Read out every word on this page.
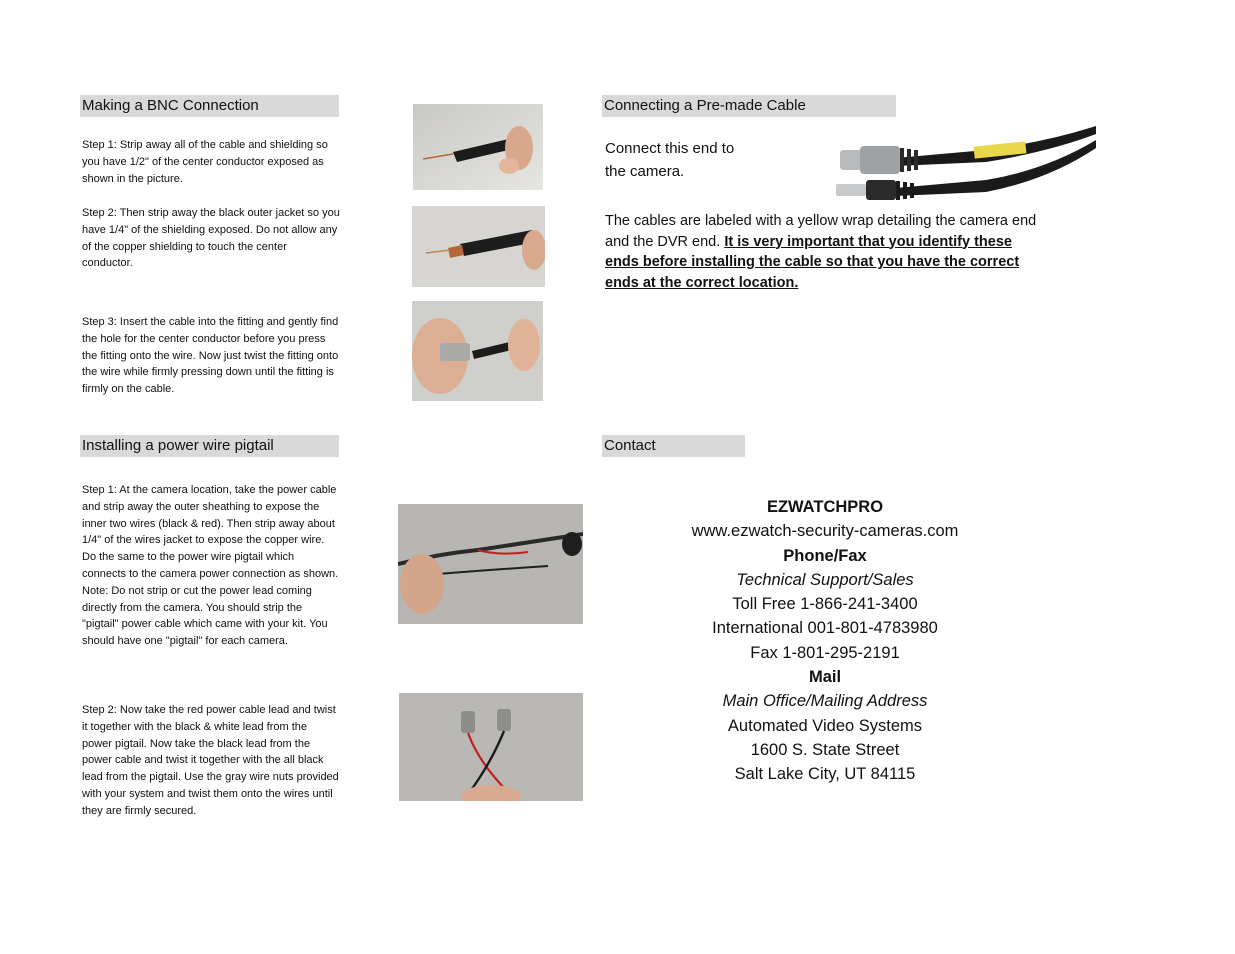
Making a BNC Connection
Step 1: Strip away all of the cable and shielding so you have 1/2" of the center conductor exposed as shown in the picture.
Step 2: Then strip away the black outer jacket so you have 1/4" of the shielding exposed. Do not allow any of the copper shielding to touch the center conductor.
Step 3: Insert the cable into the fitting and gently find the hole for the center conductor before you press the fitting onto the wire. Now just twist the fitting onto the wire while firmly pressing down until the fitting is firmly on the cable.
Installing a power wire pigtail
Step 1: At the camera location, take the power cable and strip away the outer sheathing to expose the inner two wires (black & red). Then strip away about 1/4" of the wires jacket to expose the copper wire. Do the same to the power wire pigtail which connects to the camera power connection as shown. Note: Do not strip or cut the power lead coming directly from the camera. You should strip the "pigtail" power cable which came with your kit. You should have one "pigtail" for each camera.
Step 2: Now take the red power cable lead and twist it together with the black & white lead from the power pigtail. Now take the black lead from the power cable and twist it together with the all black lead from the pigtail. Use the gray wire nuts provided with your system and twist them onto the wires until they are firmly secured.
Connecting a Pre-made Cable
Connect this end to the camera.
The cables are labeled with a yellow wrap detailing the camera end and the DVR end. It is very important that you identify these ends before installing the cable so that you have the correct ends at the correct location.
Contact
EZWATCHPRO
www.ezwatch-security-cameras.com
Phone/Fax
Technical Support/Sales
Toll Free 1-866-241-3400
International 001-801-4783980
Fax 1-801-295-2191
Mail
Main Office/Mailing Address
Automated Video Systems
1600 S. State Street
Salt Lake City, UT 84115
